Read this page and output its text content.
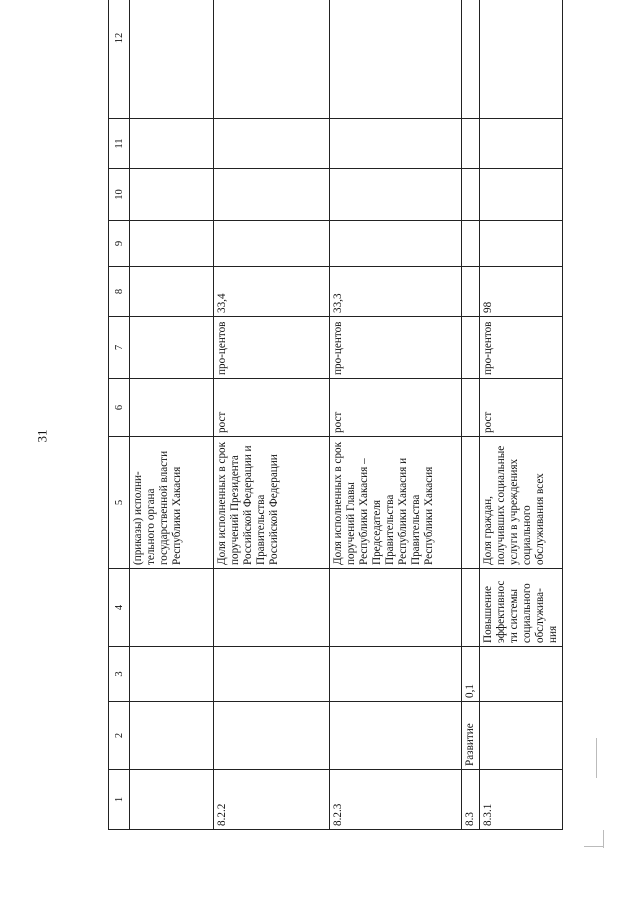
31
1	2	3	4	5	6	7	8	9	10	11	12
				(приказы) исполни-тельного органа государственной власти Республики Хакасия							
8.2.2				Доля исполненных в срок поручений Президента Российской Федерации и Правительства Российской Федерации	рост	про-центов	33,4				
8.2.3				Доля исполненных в срок поручений Главы Республики Хакасия – Председателя Правительства Республики Хакасия и Правительства Республики Хакасия	рост	про-центов	33,3				
8.3	Развитие	0,1									
8.3.1			Повышение эффективнос ти системы социального обслужива-ния	Доля граждан, получивших социальные услуги в учреждениях социального обслуживания всех	рост	про-центов	98				
